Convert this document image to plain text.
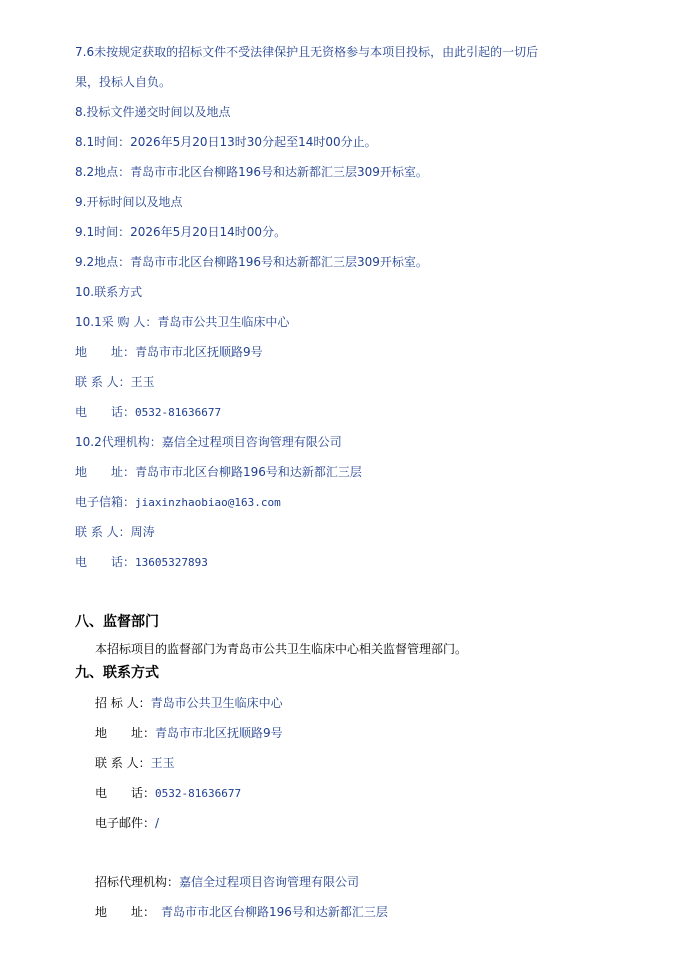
7.6未按规定获取的招标文件不受法律保护且无资格参与本项目投标，由此引起的一切后
果，投标人自负。
8.投标文件递交时间以及地点
8.1时间：2026年5月20日13时30分起至14时00分止。
8.2地点：青岛市市北区台柳路196号和达新都汇三层309开标室。
9.开标时间以及地点
9.1时间：2026年5月20日14时00分。
9.2地点：青岛市市北区台柳路196号和达新都汇三层309开标室。
10.联系方式
10.1采 购 人：青岛市公共卫生临床中心
地　　址：青岛市市北区抚顺路9号
联 系 人：王玉
电　　话：0532-81636677
10.2代理机构：嘉信全过程项目咨询管理有限公司
地　　址：青岛市市北区台柳路196号和达新都汇三层
电子信箱：jiaxinzhaobiao@163.com
联 系 人：周涛
电　　话：13605327893
八、监督部门
本招标项目的监督部门为青岛市公共卫生临床中心相关监督管理部门。
九、联系方式
招 标 人：青岛市公共卫生临床中心
地　　址：青岛市市北区抚顺路9号
联 系 人：王玉
电　　话：0532-81636677
电子邮件：/
招标代理机构：嘉信全过程项目咨询管理有限公司
地　　址： 青岛市市北区台柳路196号和达新都汇三层
